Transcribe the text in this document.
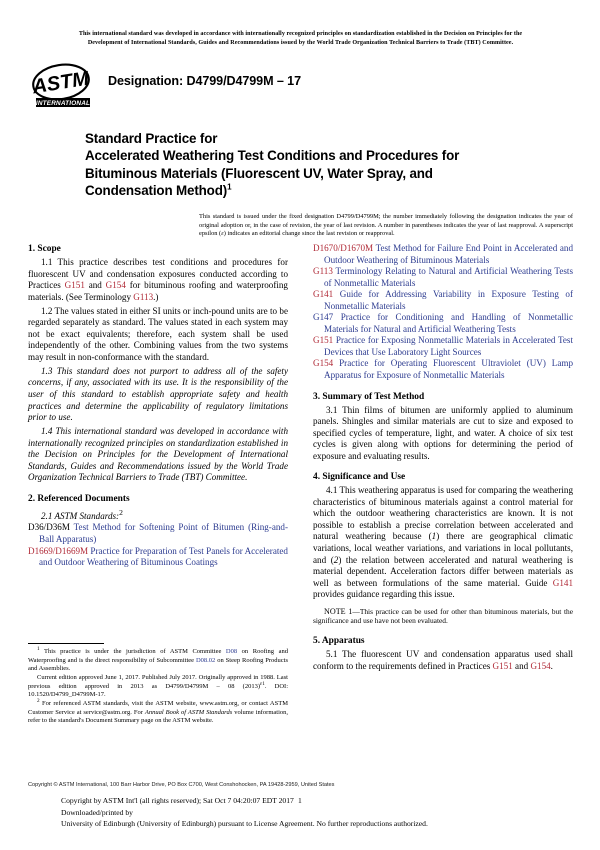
This international standard was developed in accordance with internationally recognized principles on standardization established in the Decision on Principles for the
Development of International Standards, Guides and Recommendations issued by the World Trade Organization Technical Barriers to Trade (TBT) Committee.
ASTM
INTERNATIONAL
Designation: D4799/D4799M – 17
Standard Practice for
Accelerated Weathering Test Conditions and Procedures for
Bituminous Materials (Fluorescent UV, Water Spray, and
Condensation Method)$^1$
This standard is issued under the fixed designation D4799/D4799M; the number immediately following the designation indicates the year of original adoption or, in the case of revision, the year of last revision. A number in parentheses indicates the year of last reapproval. A superscript epsilon (ε) indicates an editorial change since the last revision or reapproval.
1. Scope

1.1 This practice describes test conditions and procedures for fluorescent UV and condensation exposures conducted according to Practices G151 and G154 for bituminous roofing and waterproofing materials. (See Terminology G113.)

1.2 The values stated in either SI units or inch-pound units are to be regarded separately as standard. The values stated in each system may not be exact equivalents; therefore, each system shall be used independently of the other. Combining values from the two systems may result in non-conformance with the standard.

1.3 This standard does not purport to address all of the safety concerns, if any, associated with its use. It is the responsibility of the user of this standard to establish appropriate safety and health practices and determine the applicability of regulatory limitations prior to use.

1.4 This international standard was developed in accordance with internationally recognized principles on standardization established in the Decision on Principles for the Development of International Standards, Guides and Recommendations issued by the World Trade Organization Technical Barriers to Trade (TBT) Committee.

2. Referenced Documents

2.1 ASTM Standards:$^2$

D36/D36M Test Method for Softening Point of Bitumen (Ring-and-Ball Apparatus)
D1669/D1669M Practice for Preparation of Test Panels for Accelerated and Outdoor Weathering of Bituminous Coatings
D1670/D1670M Test Method for Failure End Point in Accelerated and Outdoor Weathering of Bituminous Materials
G113 Terminology Relating to Natural and Artificial Weathering Tests of Nonmetallic Materials
G141 Guide for Addressing Variability in Exposure Testing of Nonmetallic Materials
G147 Practice for Conditioning and Handling of Nonmetallic Materials for Natural and Artificial Weathering Tests
G151 Practice for Exposing Nonmetallic Materials in Accelerated Test Devices that Use Laboratory Light Sources
G154 Practice for Operating Fluorescent Ultraviolet (UV) Lamp Apparatus for Exposure of Nonmetallic Materials
3. Summary of Test Method

3.1 Thin films of bitumen are uniformly applied to aluminum panels. Shingles and similar materials are cut to size and exposed to specified cycles of temperature, light, and water. A choice of six test cycles is given along with options for determining the period of exposure and evaluating results.

4. Significance and Use

4.1 This weathering apparatus is used for comparing the weathering characteristics of bituminous materials against a control material for which the outdoor weathering characteristics are known. It is not possible to establish a precise correlation between accelerated and natural weathering because (1) there are geographical climatic variations, local weather variations, and variations in local pollutants, and (2) the relation between accelerated and natural weathering is material dependent. Acceleration factors differ between materials as well as between formulations of the same material. Guide G141 provides guidance regarding this issue.

NOTE 1—This practice can be used for other than bituminous materials, but the significance and use have not been evaluated.

5. Apparatus

5.1 The fluorescent UV and condensation apparatus used shall conform to the requirements defined in Practices G151 and G154.

$^1$ This practice is under the jurisdiction of ASTM Committee D08 on Roofing and Waterproofing and is the direct responsibility of Subcommittee D08.02 on Steep Roofing Products and Assemblies.

Current edition approved June 1, 2017. Published July 2017. Originally approved in 1988. Last previous edition approved in 2013 as D4799/D4799M – 08 $(2013)^{\varepsilon 1}$. DOI: 10.1520/D4799_D4799M-17.

$^2$ For referenced ASTM standards, visit the ASTM website, www.astm.org, or contact ASTM Customer Service at service@astm.org. For Annual Book of ASTM Standards volume information, refer to the standard's Document Summary page on the ASTM website.

Copyright © ASTM International, 100 Barr Harbor Drive, PO Box C700, West Conshohocken, PA 19428-2959, United States
Copyright by ASTM Int'l (all rights reserved); Sat Oct 7 04:20:07 EDT 2017
Downloaded/printed by
University of Edinburgh (University of Edinburgh) pursuant to License Agreement. No further reproductions authorized.
1
